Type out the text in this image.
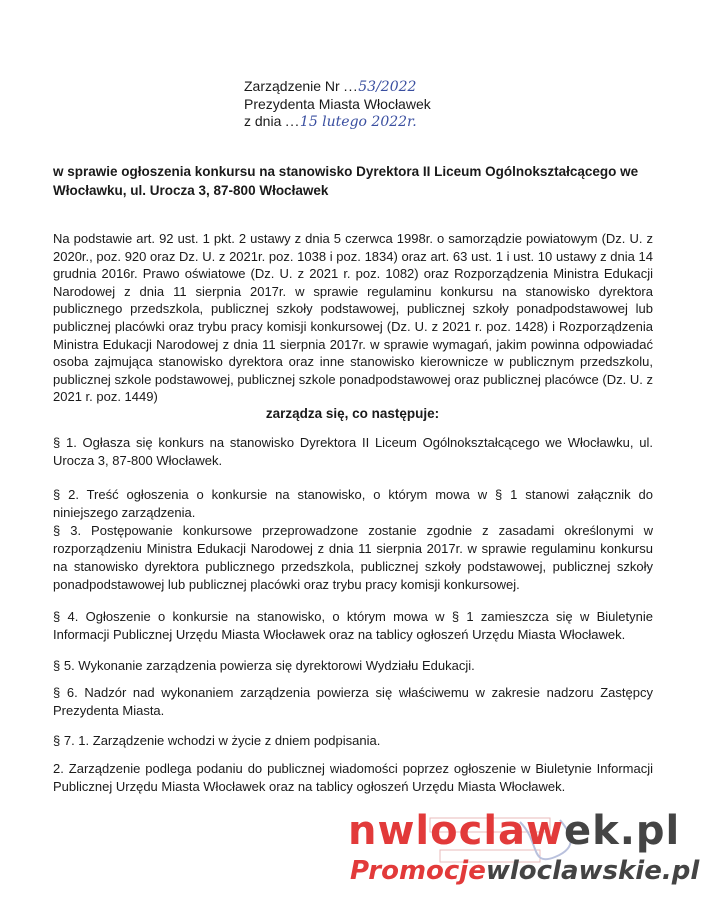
Zarządzenie Nr ...53/2022
Prezydenta Miasta Włocławek
z dnia ...15 lutego 2022r.
w sprawie ogłoszenia konkursu na stanowisko Dyrektora II Liceum Ogólnokształcącego we Włocławku, ul. Urocza 3, 87-800 Włocławek
Na podstawie art. 92 ust. 1 pkt. 2 ustawy z dnia 5 czerwca 1998r. o samorządzie powiatowym (Dz. U. z 2020r., poz. 920 oraz Dz. U. z 2021r. poz. 1038 i poz. 1834) oraz art. 63 ust. 1 i ust. 10 ustawy z dnia 14 grudnia 2016r. Prawo oświatowe (Dz. U. z 2021 r. poz. 1082) oraz Rozporządzenia Ministra Edukacji Narodowej z dnia 11 sierpnia 2017r. w sprawie regulaminu konkursu na stanowisko dyrektora publicznego przedszkola, publicznej szkoły podstawowej, publicznej szkoły ponadpodstawowej lub publicznej placówki oraz trybu pracy komisji konkursowej (Dz. U. z 2021 r. poz. 1428) i Rozporządzenia Ministra Edukacji Narodowej z dnia 11 sierpnia 2017r. w sprawie wymagań, jakim powinna odpowiadać osoba zajmująca stanowisko dyrektora oraz inne stanowisko kierownicze w publicznym przedszkolu, publicznej szkole podstawowej, publicznej szkole ponadpodstawowej oraz publicznej placówce (Dz. U. z 2021 r. poz. 1449)
zarządza się, co następuje:
§ 1. Ogłasza się konkurs na stanowisko Dyrektora II Liceum Ogólnokształcącego we Włocławku, ul. Urocza 3, 87-800 Włocławek.
§ 2. Treść ogłoszenia o konkursie na stanowisko, o którym mowa w § 1 stanowi załącznik do niniejszego zarządzenia.
§ 3. Postępowanie konkursowe przeprowadzone zostanie zgodnie z zasadami określonymi w rozporządzeniu Ministra Edukacji Narodowej z dnia 11 sierpnia 2017r. w sprawie regulaminu konkursu na stanowisko dyrektora publicznego przedszkola, publicznej szkoły podstawowej, publicznej szkoły ponadpodstawowej lub publicznej placówki oraz trybu pracy komisji konkursowej.
§ 4. Ogłoszenie o konkursie na stanowisko, o którym mowa w § 1 zamieszcza się w Biuletynie Informacji Publicznej Urzędu Miasta Włocławek oraz na tablicy ogłoszeń Urzędu Miasta Włocławek.
§ 5. Wykonanie zarządzenia powierza się dyrektorowi Wydziału Edukacji.
§ 6. Nadzór nad wykonaniem zarządzenia powierza się właściwemu w zakresie nadzoru Zastępcy Prezydenta Miasta.
§ 7. 1. Zarządzenie wchodzi w życie z dniem podpisania.
2. Zarządzenie podlega podaniu do publicznej wiadomości poprzez ogłoszenie w Biuletynie Informacji Publicznej Urzędu Miasta Włocławek oraz na tablicy ogłoszeń Urzędu Miasta Włocławek.
nwloclawek.pl
Promocjewloclawskie.pl
